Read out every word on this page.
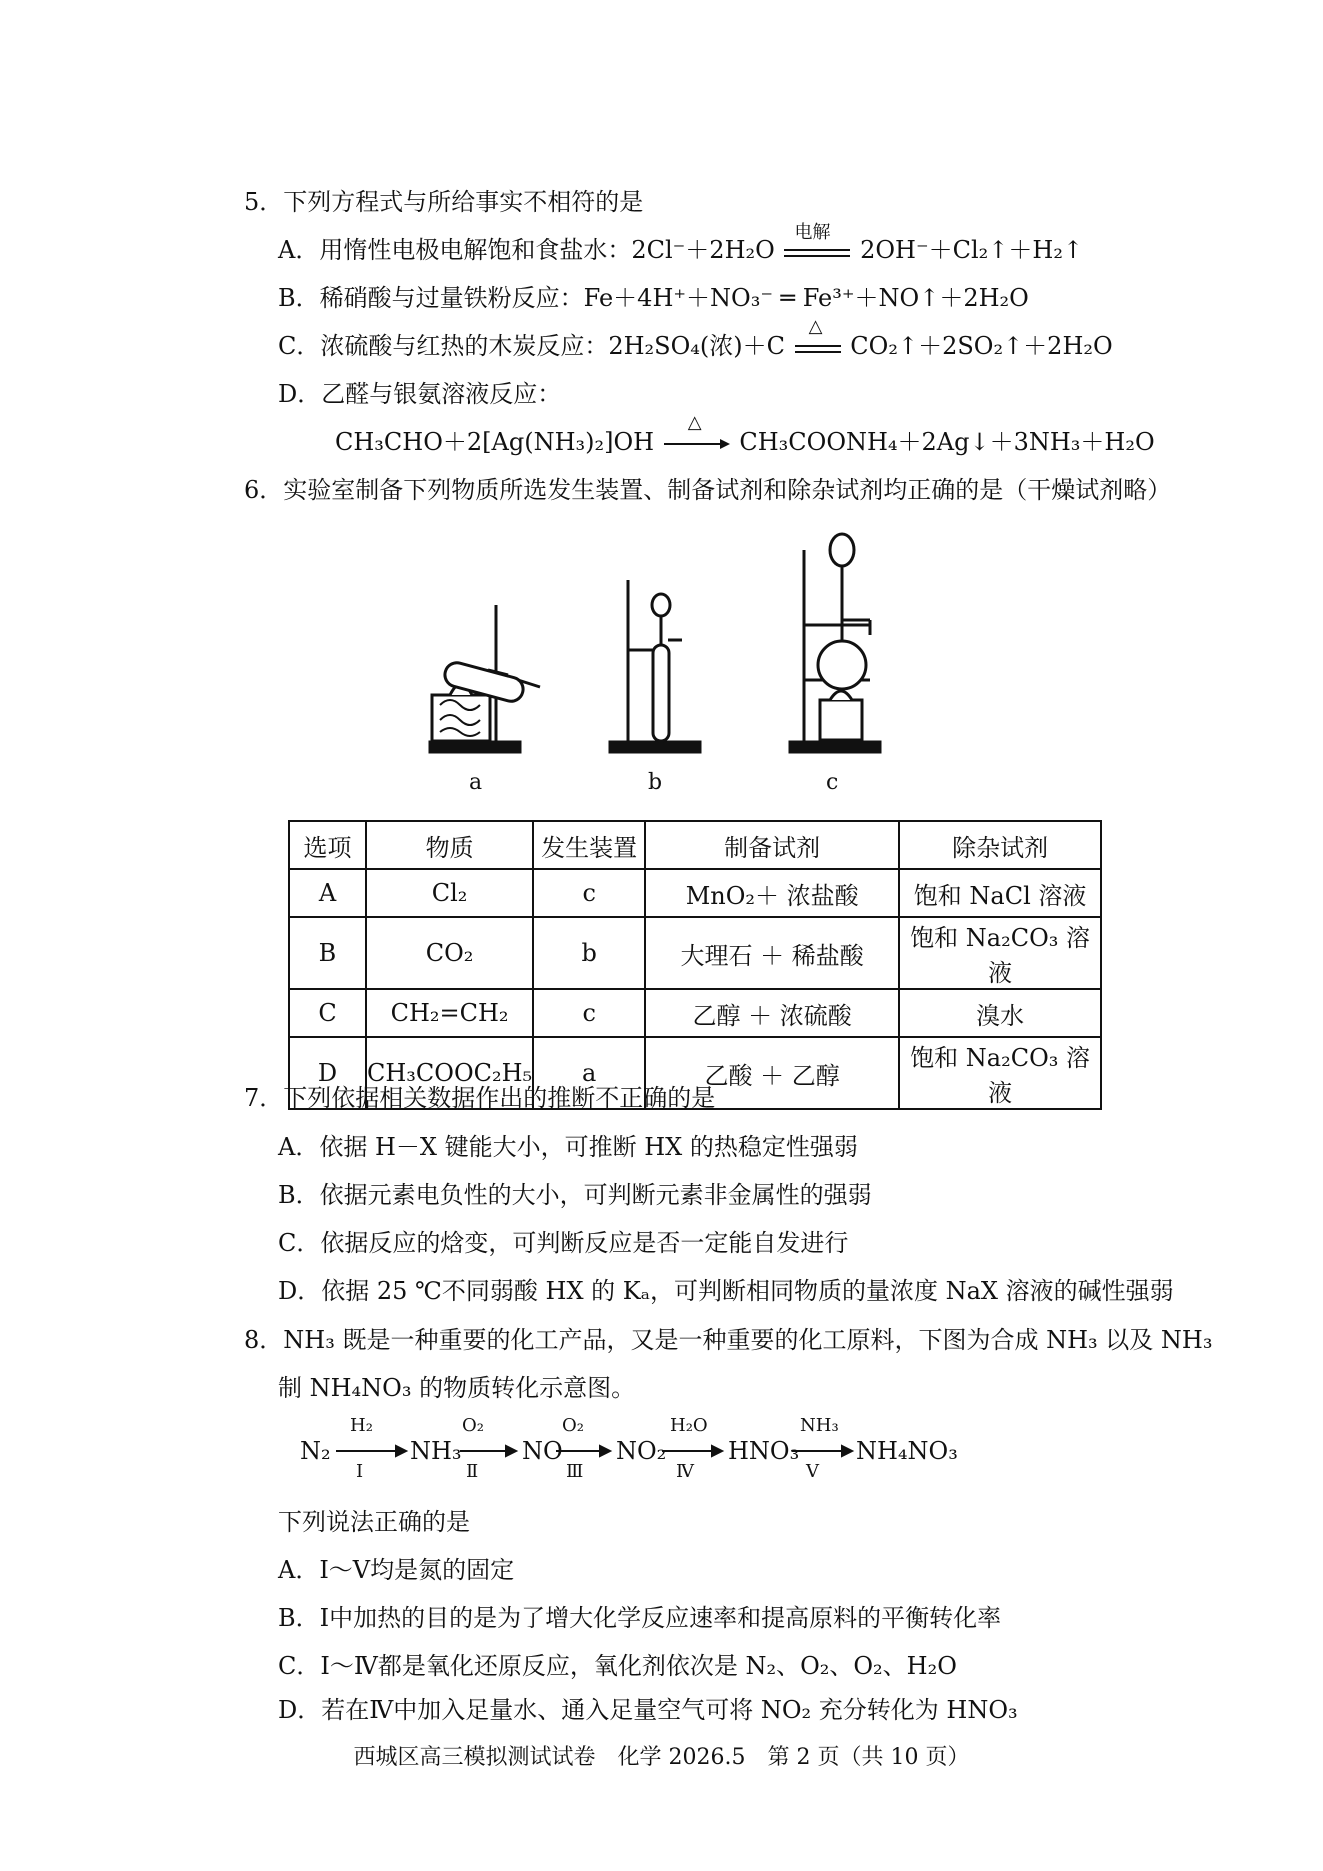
5．下列方程式与所给事实不相符的是
A．用惰性电极电解饱和食盐水：2Cl⁻＋2H₂O
电解
2OH⁻＋Cl₂↑＋H₂↑
B．稀硝酸与过量铁粉反应：Fe＋4H⁺＋NO₃⁻ ═ Fe³⁺＋NO↑＋2H₂O
C．浓硫酸与红热的木炭反应：2H₂SO₄(浓)＋C
△
CO₂↑＋2SO₂↑＋2H₂O
D．乙醛与银氨溶液反应：
CH₃CHO＋2[Ag(NH₃)₂]OH
△
CH₃COONH₄＋2Ag↓＋3NH₃＋H₂O
6．实验室制备下列物质所选发生装置、制备试剂和除杂试剂均正确的是（干燥试剂略）
a	b	c
选项	物质	发生装置	制备试剂	除杂试剂
A	Cl₂	c	MnO₂＋ 浓盐酸	饱和 NaCl 溶液
B	CO₂	b	大理石 ＋ 稀盐酸	饱和 Na₂CO₃ 溶液
C	CH₂=CH₂	c	乙醇 ＋ 浓硫酸	溴水
D	CH₃COOC₂H₅	a	乙酸 ＋ 乙醇	饱和 Na₂CO₃ 溶液
7．下列依据相关数据作出的推断不正确的是
A．依据 H－X 键能大小，可推断 HX 的热稳定性强弱
B．依据元素电负性的大小，可判断元素非金属性的强弱
C．依据反应的焓变，可判断反应是否一定能自发进行
D．依据 25 ℃不同弱酸 HX 的 Kₐ，可判断相同物质的量浓度 NaX 溶液的碱性强弱
8．NH₃ 既是一种重要的化工产品，又是一种重要的化工原料，下图为合成 NH₃ 以及 NH₃
制 NH₄NO₃ 的物质转化示意图。
N₂	NH₃	NO NO₂	HNO₃ NH₄NO₃
H₂	O₂	O₂	H₂O	NH₃
Ⅰ	Ⅱ	Ⅲ	Ⅳ	Ⅴ
下列说法正确的是
A．Ⅰ～Ⅴ均是氮的固定
B．Ⅰ中加热的目的是为了增大化学反应速率和提高原料的平衡转化率
C．Ⅰ～Ⅳ都是氧化还原反应，氧化剂依次是 N₂、O₂、O₂、H₂O
D．若在Ⅳ中加入足量水、通入足量空气可将 NO₂ 充分转化为 HNO₃
西城区高三模拟测试试卷　化学 2026.5　第 2 页（共 10 页）
